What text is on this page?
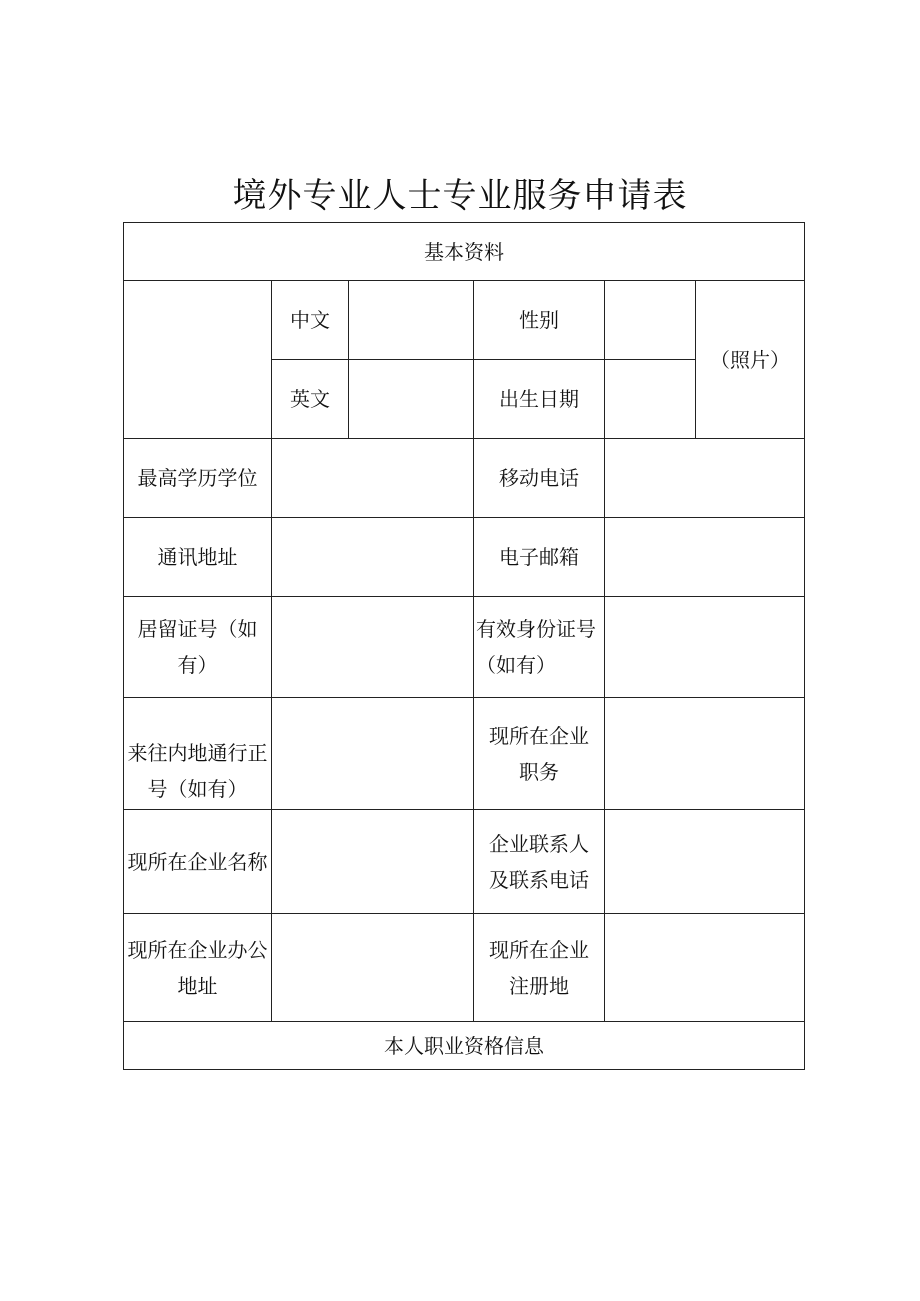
境外专业人士专业服务申请表
基本资料					
	中文		性别		（照片）
	英文		出生日期		
最高学历学位			移动电话		
通讯地址			电子邮箱		

居留证号（如有）			有效身份证号（如有）		

来往内地通行正号（如有）			现所在企业职务		

现所在企业名称			企业联系人及联系电话		

现所在企业办公地址			现所在企业注册地		

本人职业资格信息					
